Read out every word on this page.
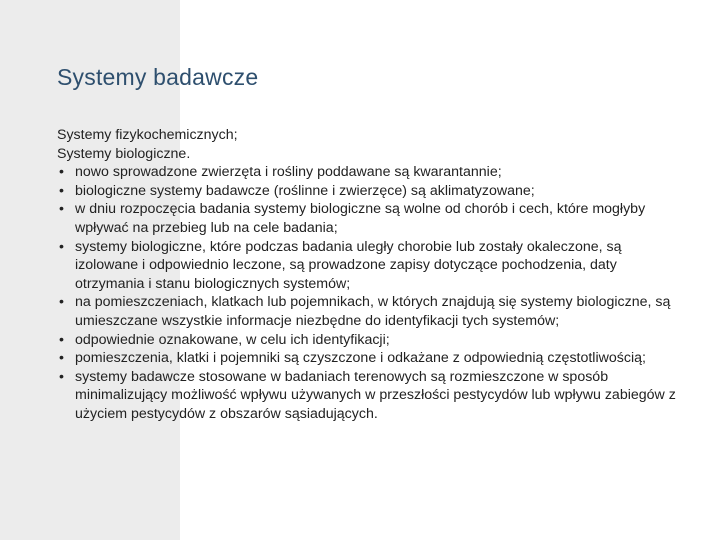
Systemy badawcze

Systemy fizykochemicznych;

Systemy biologiczne.

• nowo sprowadzone zwierzęta i rośliny poddawane są kwarantannie;
• biologiczne systemy badawcze (roślinne i zwierzęce) są aklimatyzowane;
• w dniu rozpoczęcia badania systemy biologiczne są wolne od chorób i cech, które mogłyby wpływać na przebieg lub na cele badania;
• systemy biologiczne, które podczas badania uległy chorobie lub zostały okaleczone, są izolowane i odpowiednio leczone, są prowadzone zapisy dotyczące pochodzenia, daty otrzymania i stanu biologicznych systemów;
• na pomieszczeniach, klatkach lub pojemnikach, w których znajdują się systemy biologiczne, są umieszczane wszystkie informacje niezbędne do identyfikacji tych systemów;
• odpowiednie oznakowane, w celu ich identyfikacji;
• pomieszczenia, klatki i pojemniki są czyszczone i odkażane z odpowiednią częstotliwością;
• systemy badawcze stosowane w badaniach terenowych są rozmieszczone w sposób minimalizujący możliwość wpływu używanych w przeszłości pestycydów lub wpływu zabiegów z użyciem pestycydów z obszarów sąsiadujących.
